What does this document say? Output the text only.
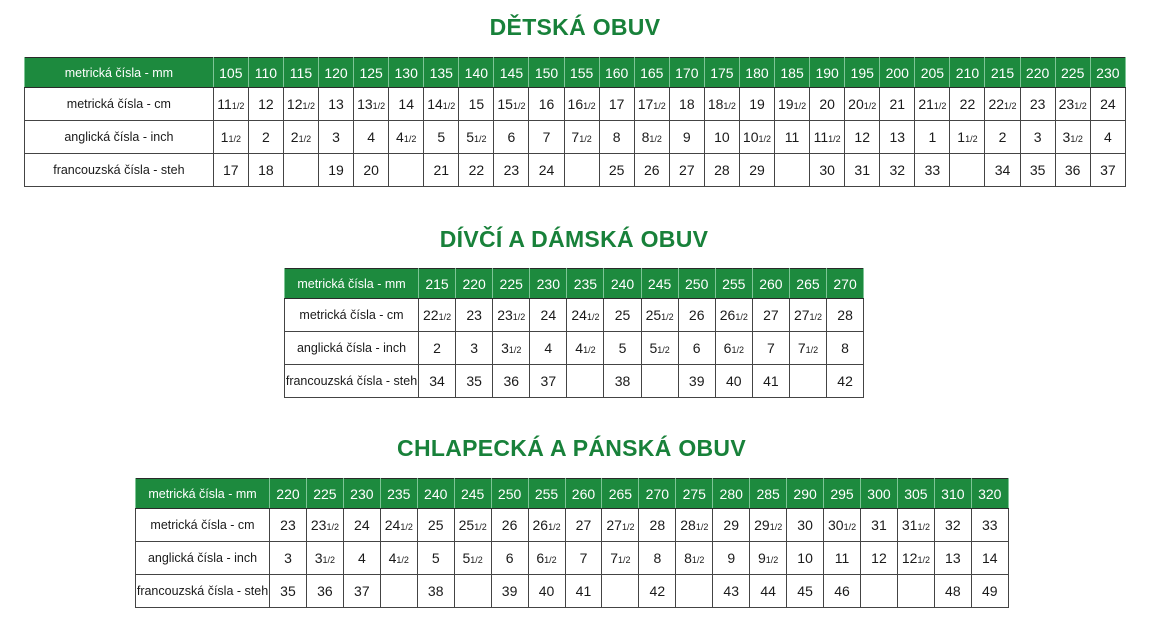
DĚTSKÁ OBUV
metrická čísla - mm	105	110	115	120	125	130	135	140	145	150	155	160	165	170	175	180	185	190	195	200	205	210	215	220	225	230
metrická čísla - cm	111/2	12	121/2	13	131/2	14	141/2	15	151/2	16	161/2	17	171/2	18	181/2	19	191/2	20	201/2	21	211/2	22	221/2	23	231/2	24
anglická čísla - inch	11/2	2	21/2	3	4	41/2	5	51/2	6	7	71/2	8	81/2	9	10	101/2	11	111/2	12	13	1	11/2	2	3	31/2	4
francouzská čísla - steh	17	18		19	20		21	22	23	24		25	26	27	28	29		30	31	32	33		34	35	36	37
DÍVČÍ A DÁMSKÁ OBUV
metrická čísla - mm	215	220	225	230	235	240	245	250	255	260	265	270
metrická čísla - cm	221/2	23	231/2	24	241/2	25	251/2	26	261/2	27	271/2	28
anglická čísla - inch	2	3	31/2	4	41/2	5	51/2	6	61/2	7	71/2	8
francouzská čísla - steh	34	35	36	37		38		39	40	41		42
CHLAPECKÁ A PÁNSKÁ OBUV
metrická čísla - mm	220	225	230	235	240	245	250	255	260	265	270	275	280	285	290	295	300	305	310	320
metrická čísla - cm	23	231/2	24	241/2	25	251/2	26	261/2	27	271/2	28	281/2	29	291/2	30	301/2	31	311/2	32	33
anglická čísla - inch	3	31/2	4	41/2	5	51/2	6	61/2	7	71/2	8	81/2	9	91/2	10	11	12	121/2	13	14
francouzská čísla - steh	35	36	37		38		39	40	41		42		43	44	45	46			48	49
